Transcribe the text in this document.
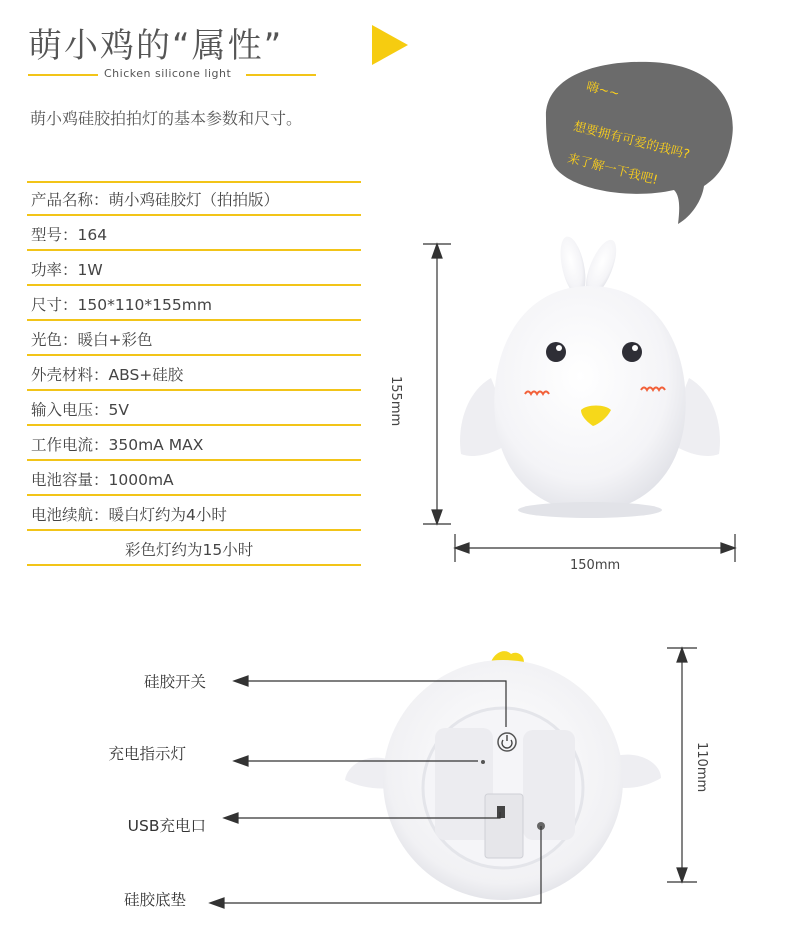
萌小鸡的“属性”
Chicken silicone light
萌小鸡硅胶拍拍灯的基本参数和尺寸。
嗨~~
想要拥有可爱的我吗?
来了解一下我吧!
产品名称：萌小鸡硅胶灯（拍拍版）
型号：164
功率：1W
尺寸：150*110*155mm
光色：暖白+彩色
外壳材料：ABS+硅胶
输入电压：5V
工作电流：350mA MAX
电池容量：1000mA
电池续航：暖白灯约为4小时
彩色灯约为15小时
155mm
150mm
硅胶开关
充电指示灯
USB充电口
硅胶底垫
110mm
